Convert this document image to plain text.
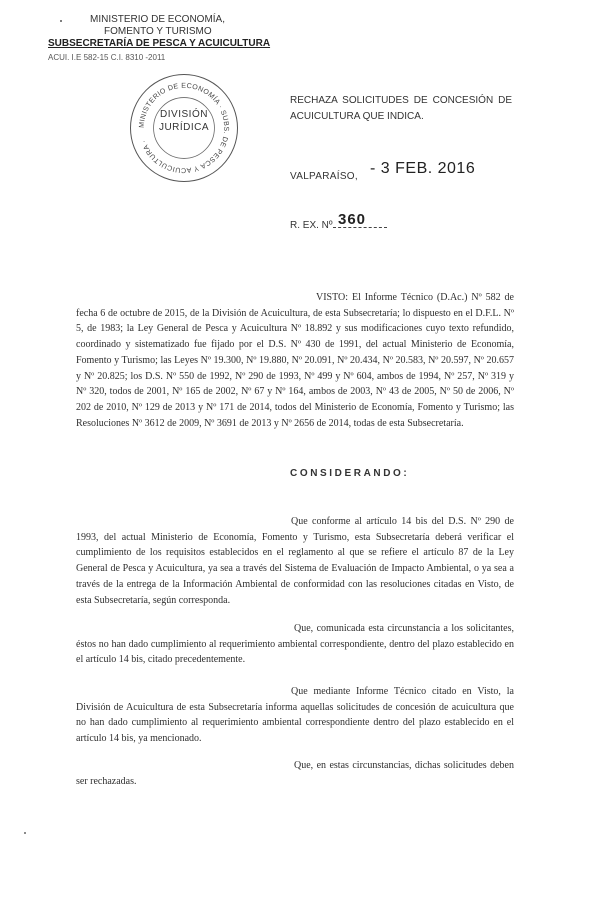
MINISTERIO DE ECONOMÍA,
FOMENTO Y TURISMO
SUBSECRETARÍA DE PESCA Y ACUICULTURA
ACUI. I.E 582-15 C.I. 8310 -2011
MINISTERIO DE ECONOMÍA · SUBS. DE PESCA Y ACUICULTURA ·
DIVISIÓN
JURÍDICA
RECHAZA SOLICITUDES DE CONCESIÓN DE ACUICULTURA QUE INDICA.
VALPARAÍSO, - 3 FEB. 2016
R. EX. Nº 360
VISTO: El Informe Técnico (D.Ac.) Nº 582 de fecha 6 de octubre de 2015, de la División de Acuicultura, de esta Subsecretaría; lo dispuesto en el D.F.L. Nº 5, de 1983; la Ley General de Pesca y Acuicultura Nº 18.892 y sus modificaciones cuyo texto refundido, coordinado y sistematizado fue fijado por el D.S. Nº 430 de 1991, del actual Ministerio de Economía, Fomento y Turismo; las Leyes Nº 19.300, Nº 19.880, Nº 20.091, Nº 20.434, Nº 20.583, Nº 20.597, Nº 20.657 y Nº 20.825; los D.S. Nº 550 de 1992, Nº 290 de 1993, Nº 499 y Nº 604, ambos de 1994, Nº 257, Nº 319 y Nº 320, todos de 2001, Nº 165 de 2002, Nº 67 y Nº 164, ambos de 2003, Nº 43 de 2005, Nº 50 de 2006, Nº 202 de 2010, Nº 129 de 2013 y Nº 171 de 2014, todos del Ministerio de Economía, Fomento y Turismo; las Resoluciones Nº 3612 de 2009, Nº 3691 de 2013 y Nº 2656 de 2014, todas de esta Subsecretaría.
CONSIDERANDO:
Que conforme al artículo 14 bis del D.S. Nº 290 de 1993, del actual Ministerio de Economía, Fomento y Turismo, esta Subsecretaría deberá verificar el cumplimiento de los requisitos establecidos en el reglamento al que se refiere el artículo 87 de la Ley General de Pesca y Acuicultura, ya sea a través del Sistema de Evaluación de Impacto Ambiental, o ya sea a través de la entrega de la Información Ambiental de conformidad con las resoluciones citadas en Visto, de esta Subsecretaría, según corresponda.
Que, comunicada esta circunstancia a los solicitantes, éstos no han dado cumplimiento al requerimiento ambiental correspondiente, dentro del plazo establecido en el artículo 14 bis, citado precedentemente.
Que mediante Informe Técnico citado en Visto, la División de Acuicultura de esta Subsecretaría informa aquellas solicitudes de concesión de acuicultura que no han dado cumplimiento al requerimiento ambiental correspondiente dentro del plazo establecido en el artículo 14 bis, ya mencionado.
Que, en estas circunstancias, dichas solicitudes deben ser rechazadas.
